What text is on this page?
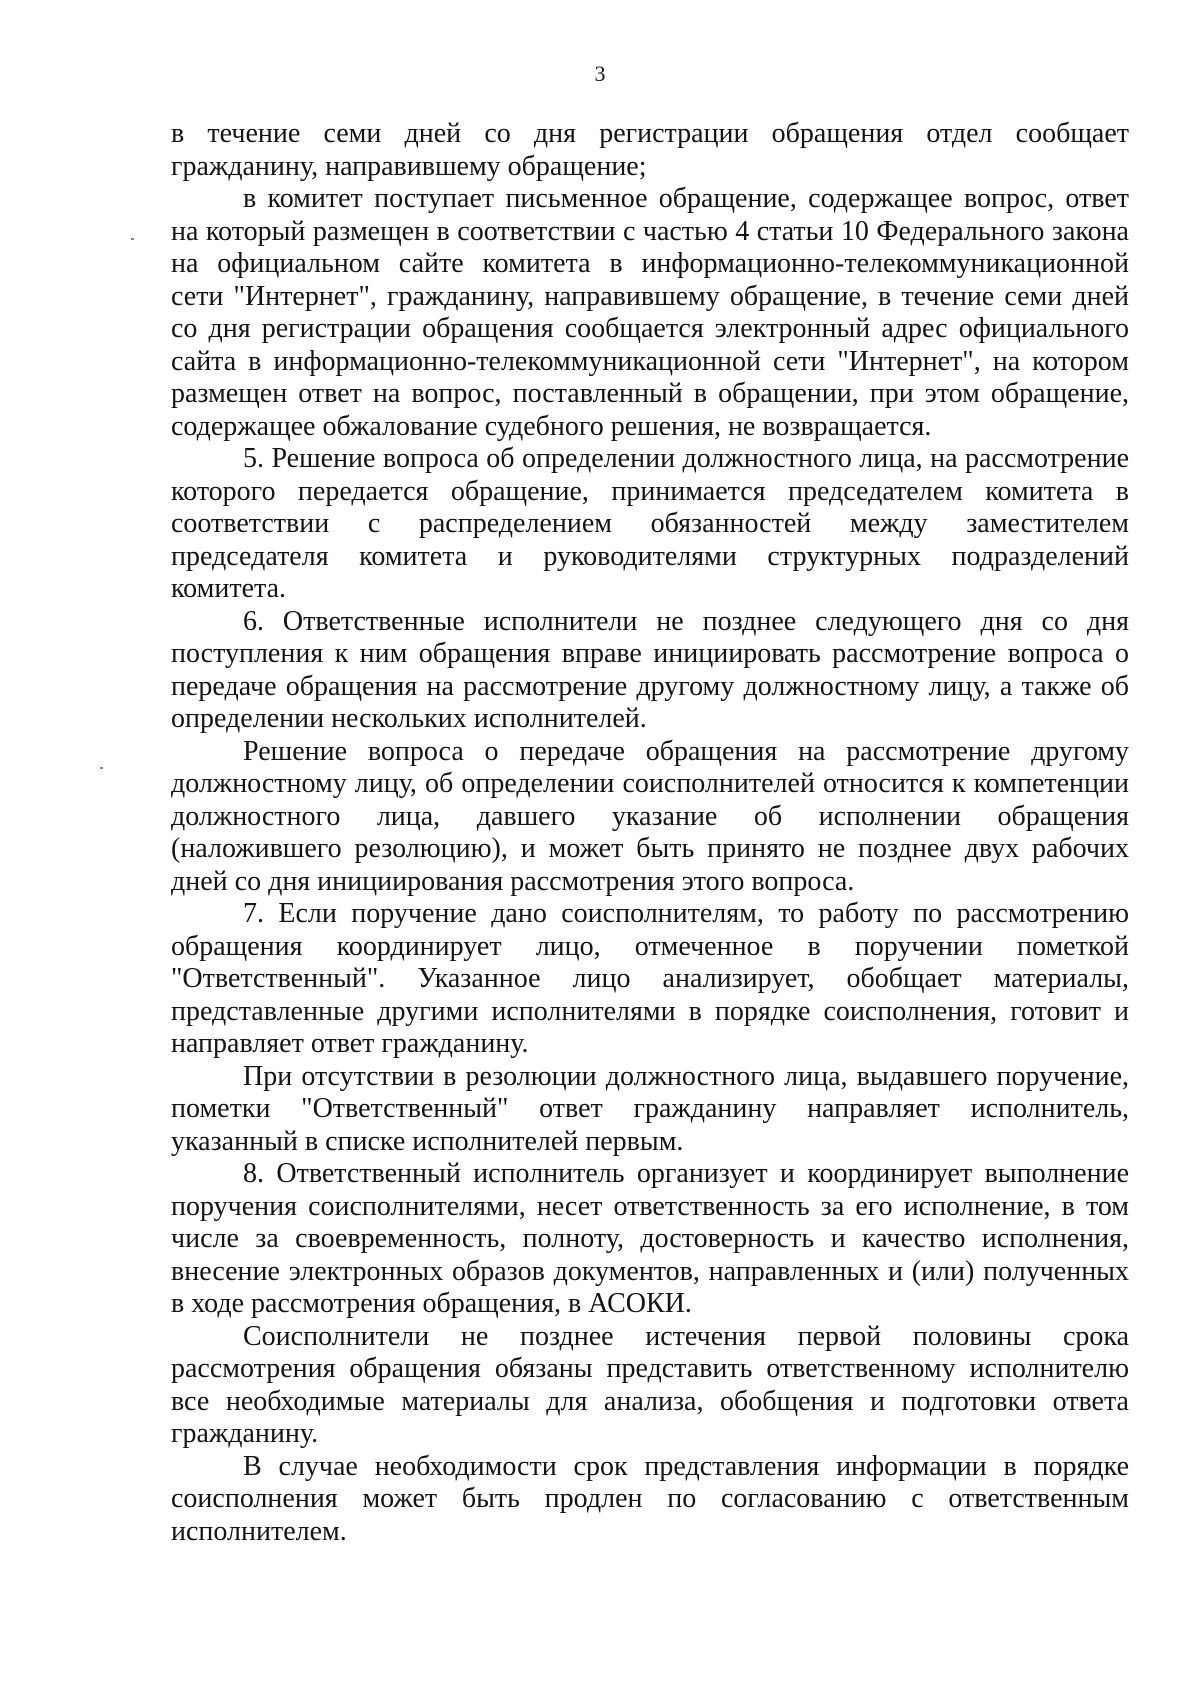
3

в течение семи дней со дня регистрации обращения отдел сообщает гражданину, направившему обращение;

в комитет поступает письменное обращение, содержащее вопрос, ответ на который размещен в соответствии с частью 4 статьи 10 Федерального закона на официальном сайте комитета в информационно-телекоммуникационной сети "Интернет", гражданину, направившему обращение, в течение семи дней со дня регистрации обращения сообщается электронный адрес официального сайта в информационно-телекоммуникационной сети "Интернет", на котором размещен ответ на вопрос, поставленный в обращении, при этом обращение, содержащее обжалование судебного решения, не возвращается.

5. Решение вопроса об определении должностного лица, на рассмотрение которого передается обращение, принимается председателем комитета в соответствии с распределением обязанностей между заместителем председателя комитета и руководителями структурных подразделений комитета.

6. Ответственные исполнители не позднее следующего дня со дня поступления к ним обращения вправе инициировать рассмотрение вопроса о передаче обращения на рассмотрение другому должностному лицу, а также об определении нескольких исполнителей.

Решение вопроса о передаче обращения на рассмотрение другому должностному лицу, об определении соисполнителей относится к компетенции должностного лица, давшего указание об исполнении обращения (наложившего резолюцию), и может быть принято не позднее двух рабочих дней со дня инициирования рассмотрения этого вопроса.

7. Если поручение дано соисполнителям, то работу по рассмотрению обращения координирует лицо, отмеченное в поручении пометкой "Ответственный". Указанное лицо анализирует, обобщает материалы, представленные другими исполнителями в порядке соисполнения, готовит и направляет ответ гражданину.

При отсутствии в резолюции должностного лица, выдавшего поручение, пометки "Ответственный" ответ гражданину направляет исполнитель, указанный в списке исполнителей первым.

8. Ответственный исполнитель организует и координирует выполнение поручения соисполнителями, несет ответственность за его исполнение, в том числе за своевременность, полноту, достоверность и качество исполнения, внесение электронных образов документов, направленных и (или) полученных в ходе рассмотрения обращения, в АСОКИ.

Соисполнители не позднее истечения первой половины срока рассмотрения обращения обязаны представить ответственному исполнителю все необходимые материалы для анализа, обобщения и подготовки ответа гражданину.

В случае необходимости срок представления информации в порядке соисполнения может быть продлен по согласованию с ответственным исполнителем.
